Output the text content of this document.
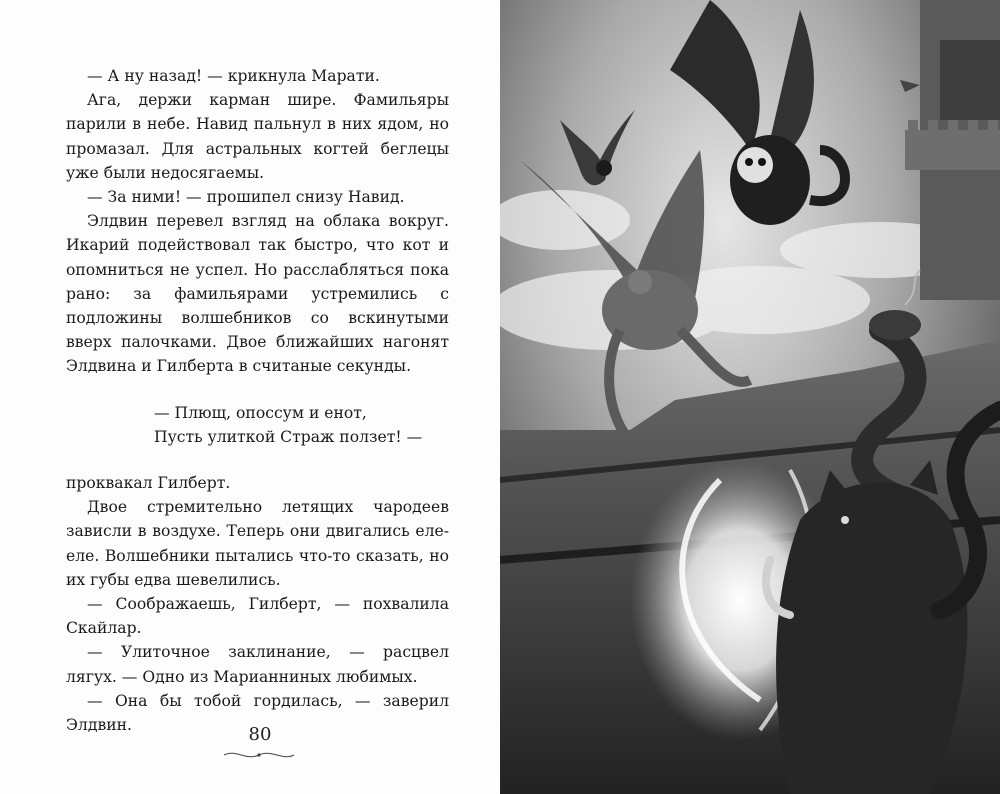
— А ну назад! — крикнула Марати.

Ага, держи карман шире. Фамильяры парили в небе. Навид пальнул в них ядом, но промазал. Для астральных когтей беглецы уже были недосягаемы.

— За ними! — прошипел снизу Навид.

Элдвин перевел взгляд на облака вокруг. Икарий подействовал так быстро, что кот и опомниться не успел. Но расслабляться пока рано: за фамильярами устремились с подложины волшебников со вскинутыми вверх палочками. Двое ближайших нагонят Элдвина и Гилберта в считаные секунды.

— Плющ, опоссум и енот,
Пусть улиткой Страж ползет! —

проквакал Гилберт.

Двое стремительно летящих чародеев зависли в воздухе. Теперь они двигались еле-еле. Волшебники пытались что-то сказать, но их губы едва шевелились.

— Соображаешь, Гилберт, — похвалила Скайлар.

— Улиточное заклинание, — расцвел лягух. — Одно из Марианниных любимых.

— Она бы тобой гордилась, — заверил Элдвин.	80
